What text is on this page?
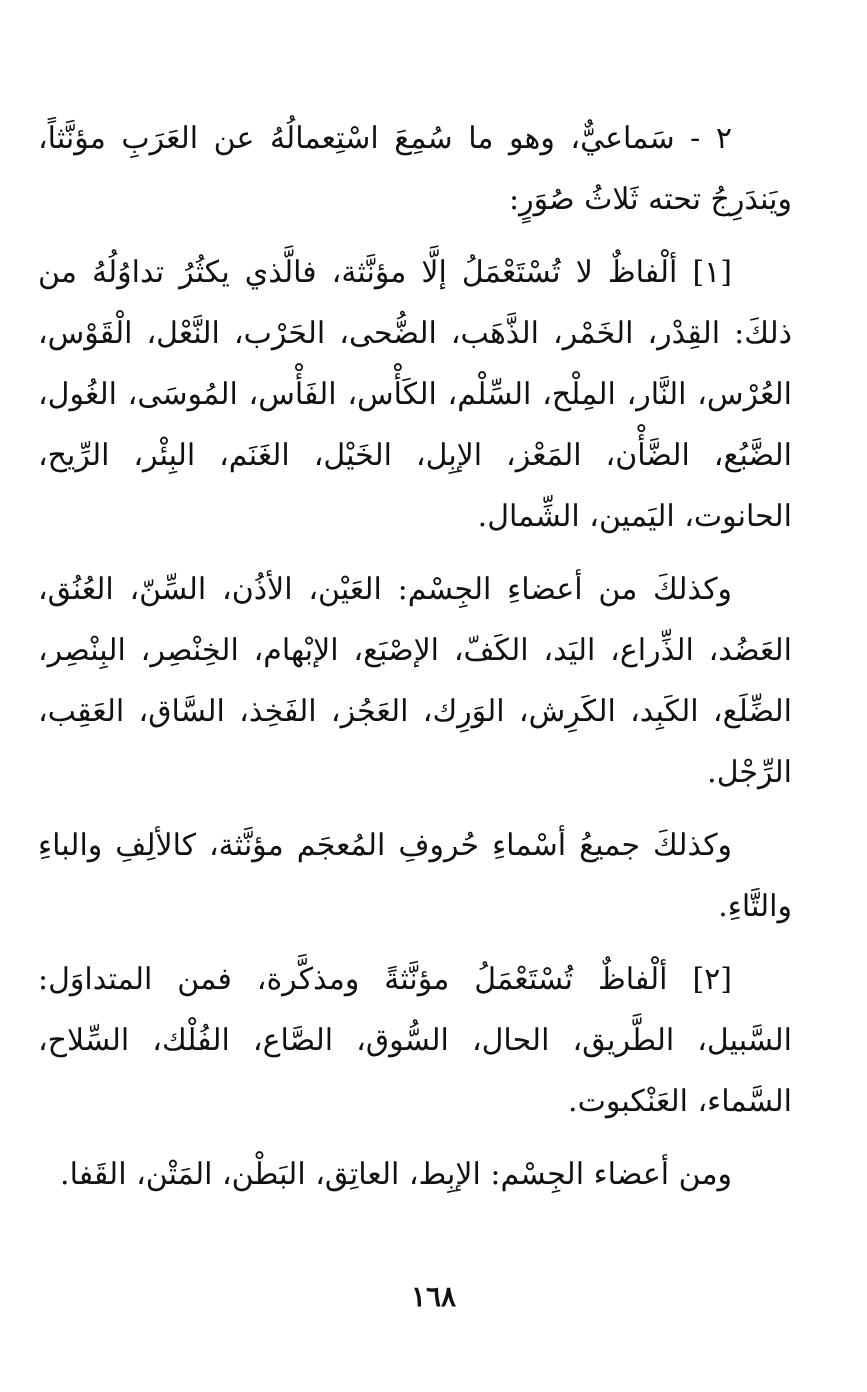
٢ - سَماعيٌّ، وهو ما سُمِعَ اسْتِعمالُهُ عن العَرَبِ مؤنَّثاً، ويَندَرِجُ تحته ثَلاثُ صُوَرٍ:

[١] ألْفاظٌ لا تُسْتَعْمَلُ إلَّا مؤنَّثة، فالَّذي يكثُرُ تداوُلُهُ من ذلكَ: القِدْر، الخَمْر، الذَّهَب، الضُّحى، الحَرْب، النَّعْل، الْقَوْس، العُرْس، النَّار، المِلْح، السِّلْم، الكَأْس، الفَأْس، المُوسَى، الغُول، الضَّبُع، الضَّأْن، المَعْز، الإبِل، الخَيْل، الغَنَم، البِئْر، الرِّيح، الحانوت، اليَمين، الشِّمال.

وكذلكَ من أعضاءِ الجِسْم: العَيْن، الأذُن، السِّنّ، العُنُق، العَضُد، الذِّراع، اليَد، الكَفّ، الإصْبَع، الإبْهام، الخِنْصِر، البِنْصِر، الضِّلَع، الكَبِد، الكَرِش، الوَرِك، العَجُز، الفَخِذ، السَّاق، العَقِب، الرِّجْل.

وكذلكَ جميعُ أسْماءِ حُروفِ المُعجَم مؤنَّثة، كالألِفِ والباءِ والتَّاءِ.

[٢] ألْفاظٌ تُسْتَعْمَلُ مؤنَّثةً ومذكَّرة، فمن المتداوَل: السَّبيل، الطَّريق، الحال، السُّوق، الصَّاع، الفُلْك، السِّلاح، السَّماء، العَنْكبوت.

ومن أعضاء الجِسْم: الإبِط، العاتِق، البَطْن، المَتْن، القَفا.

١٦٨
